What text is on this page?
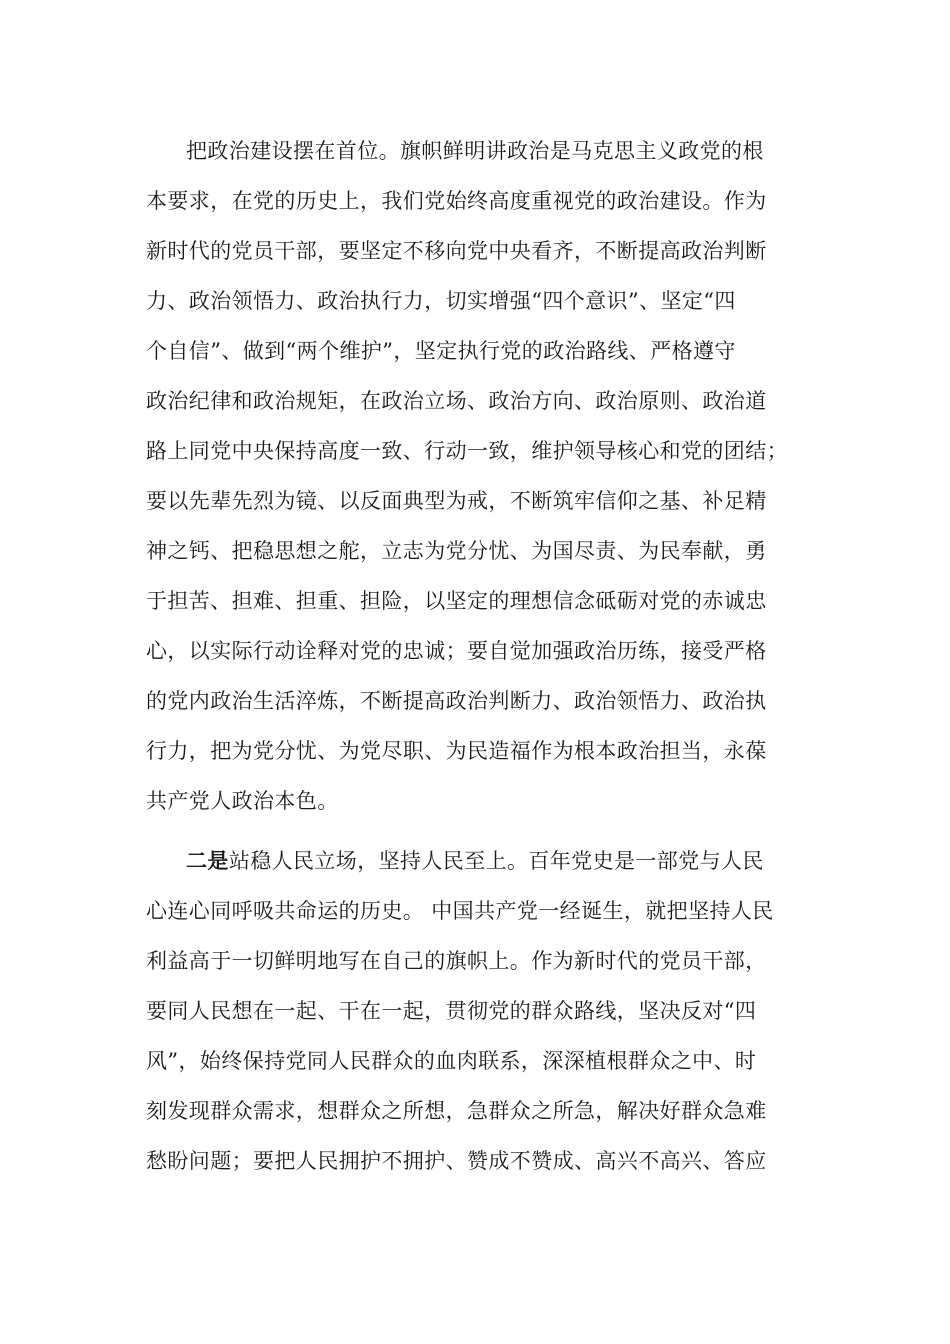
把政治建设摆在首位。旗帜鲜明讲政治是马克思主义政党的根
本要求，在党的历史上，我们党始终高度重视党的政治建设。作为
新时代的党员干部，要坚定不移向党中央看齐，不断提高政治判断
力、政治领悟力、政治执行力，切实增强“四个意识”、坚定“四
个自信”、做到“两个维护”，坚定执行党的政治路线、严格遵守
政治纪律和政治规矩，在政治立场、政治方向、政治原则、政治道
路上同党中央保持高度一致、行动一致，维护领导核心和党的团结；
要以先辈先烈为镜、以反面典型为戒，不断筑牢信仰之基、补足精
神之钙、把稳思想之舵，立志为党分忧、为国尽责、为民奉献，勇
于担苦、担难、担重、担险，以坚定的理想信念砥砺对党的赤诚忠
心，以实际行动诠释对党的忠诚；要自觉加强政治历练，接受严格
的党内政治生活淬炼，不断提高政治判断力、政治领悟力、政治执
行力，把为党分忧、为党尽职、为民造福作为根本政治担当，永葆
共产党人政治本色。
二是站稳人民立场，坚持人民至上。百年党史是一部党与人民
心连心同呼吸共命运的历史。 中国共产党一经诞生，就把坚持人民
利益高于一切鲜明地写在自己的旗帜上。作为新时代的党员干部，
要同人民想在一起、干在一起，贯彻党的群众路线，坚决反对“四
风”，始终保持党同人民群众的血肉联系，深深植根群众之中、时
刻发现群众需求，想群众之所想，急群众之所急，解决好群众急难
愁盼问题；要把人民拥护不拥护、赞成不赞成、高兴不高兴、答应
